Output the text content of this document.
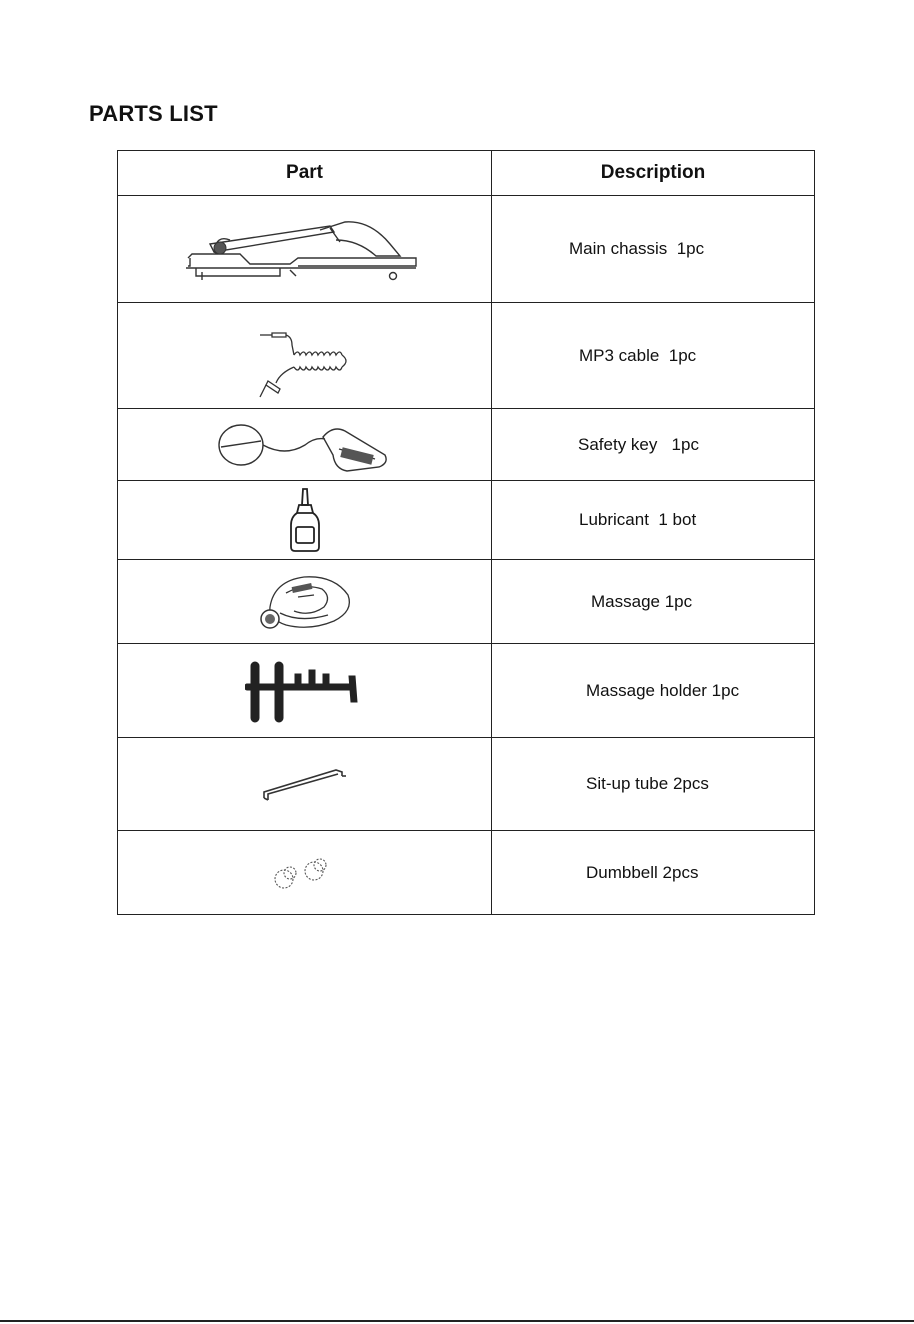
PARTS LIST
Part	Description

	Main chassis  1pc

	MP3 cable  1pc

	Safety key   1pc

	Lubricant  1 bot

	Massage 1pc

	Massage holder 1pc

	Sit-up tube 2pcs

	Dumbbell 2pcs
